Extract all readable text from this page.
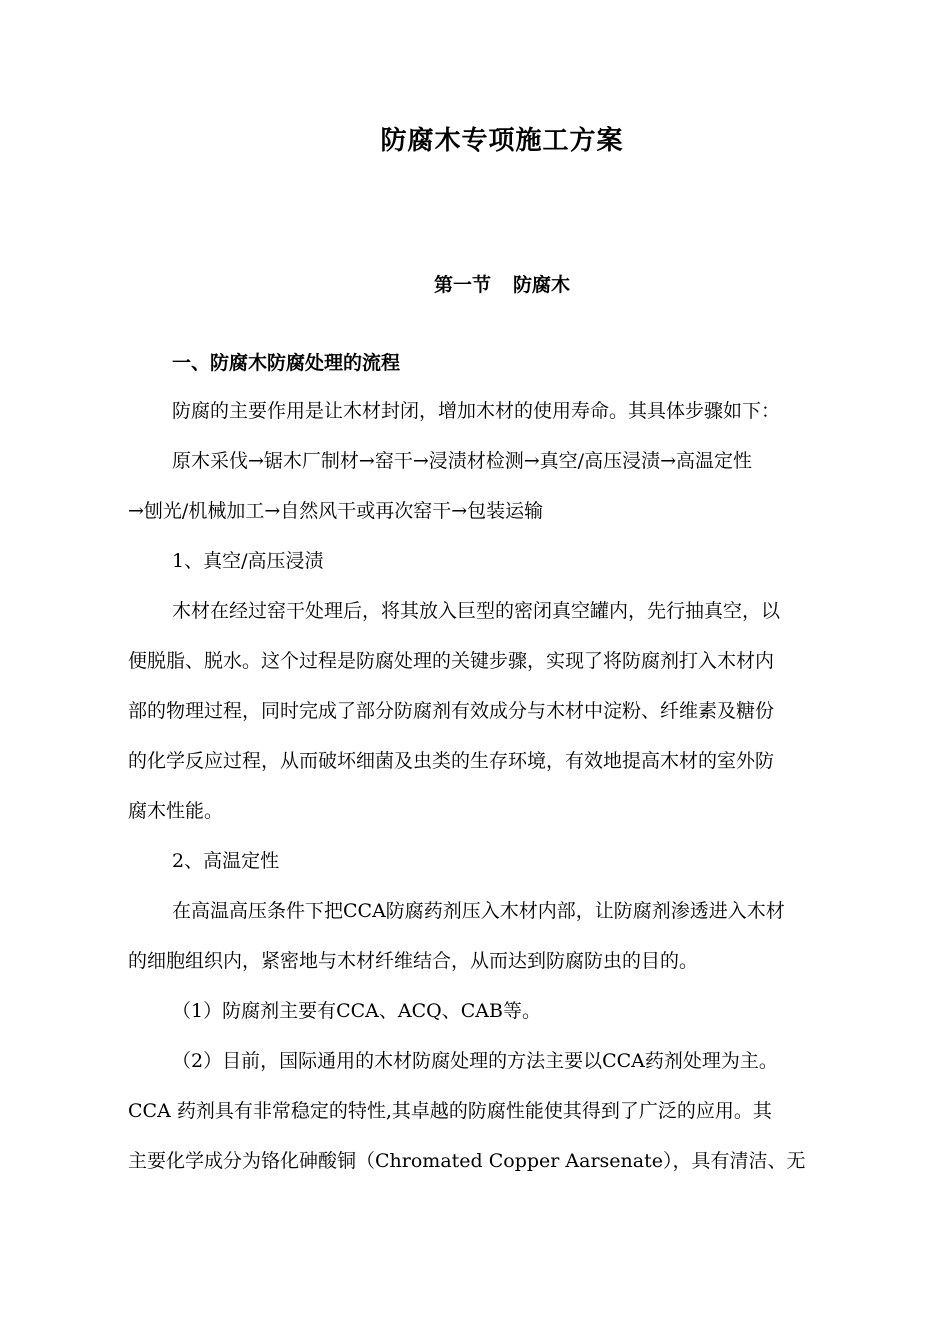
防腐木专项施工方案
第一节 防腐木
一、防腐木防腐处理的流程
防腐的主要作用是让木材封闭，增加木材的使用寿命。其具体步骤如下：
原木采伐→锯木厂制材→窑干→浸渍材检测→真空/高压浸渍→高温定性
→刨光/机械加工→自然风干或再次窑干→包装运输
1、真空/高压浸渍
木材在经过窑干处理后，将其放入巨型的密闭真空罐内，先行抽真空，以
便脱脂、脱水。这个过程是防腐处理的关键步骤，实现了将防腐剂打入木材内
部的物理过程，同时完成了部分防腐剂有效成分与木材中淀粉、纤维素及糖份
的化学反应过程，从而破坏细菌及虫类的生存环境，有效地提高木材的室外防
腐木性能。
2、高温定性
在高温高压条件下把CCA防腐药剂压入木材内部，让防腐剂渗透进入木材
的细胞组织内，紧密地与木材纤维结合，从而达到防腐防虫的目的。
（1）防腐剂主要有CCA、ACQ、CAB等。
（2）目前，国际通用的木材防腐处理的方法主要以CCA药剂处理为主。
CCA 药剂具有非常稳定的特性,其卓越的防腐性能使其得到了广泛的应用。其
主要化学成分为铬化砷酸铜（Chromated Copper Aarsenate），具有清洁、无
